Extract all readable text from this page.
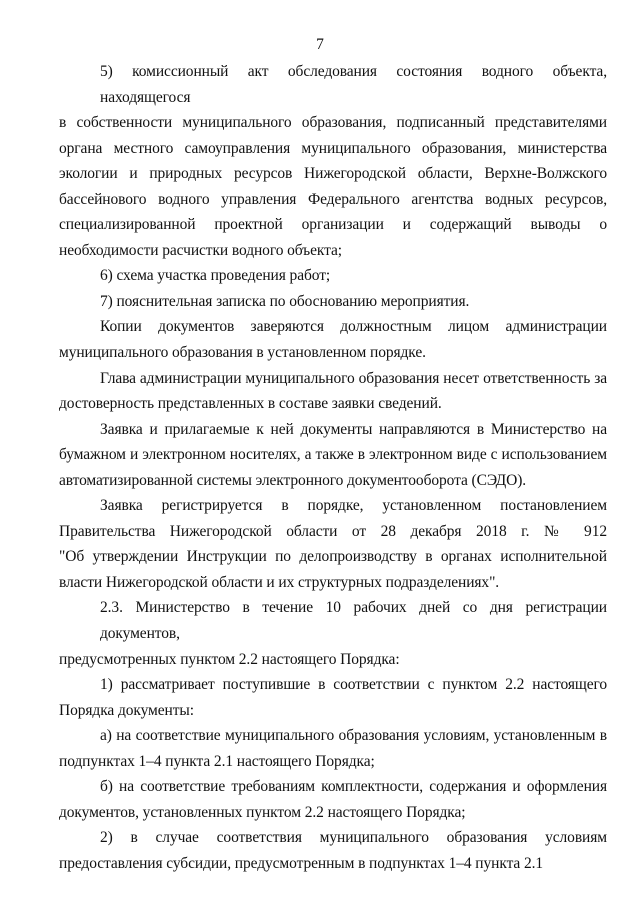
7
5) комиссионный акт обследования состояния водного объекта, находящегося
в собственности муниципального образования, подписанный представителями
органа местного самоуправления муниципального образования, министерства
экологии и природных ресурсов Нижегородской области, Верхне-Волжского
бассейнового водного управления Федерального агентства водных ресурсов,
специализированной проектной организации и содержащий выводы о
необходимости расчистки водного объекта;
6) схема участка проведения работ;
7) пояснительная записка по обоснованию мероприятия.
Копии документов заверяются должностным лицом администрации
муниципального образования в установленном порядке.
Глава администрации муниципального образования несет ответственность за
достоверность представленных в составе заявки сведений.
Заявка и прилагаемые к ней документы направляются в Министерство на
бумажном и электронном носителях, а также в электронном виде с использованием
автоматизированной системы электронного документооборота (СЭДО).
Заявка регистрируется в порядке, установленном постановлением
Правительства Нижегородской области от 28 декабря 2018 г. № 912
"Об утверждении Инструкции по делопроизводству в органах исполнительной
власти Нижегородской области и их структурных подразделениях".
2.3. Министерство в течение 10 рабочих дней со дня регистрации документов,
предусмотренных пунктом 2.2 настоящего Порядка:
1) рассматривает поступившие в соответствии с пунктом 2.2 настоящего
Порядка документы:
а) на соответствие муниципального образования условиям, установленным в
подпунктах 1–4 пункта 2.1 настоящего Порядка;
б) на соответствие требованиям комплектности, содержания и оформления
документов, установленных пунктом 2.2 настоящего Порядка;
2) в случае соответствия муниципального образования условиям
предоставления субсидии, предусмотренным в подпунктах 1–4 пункта 2.1
